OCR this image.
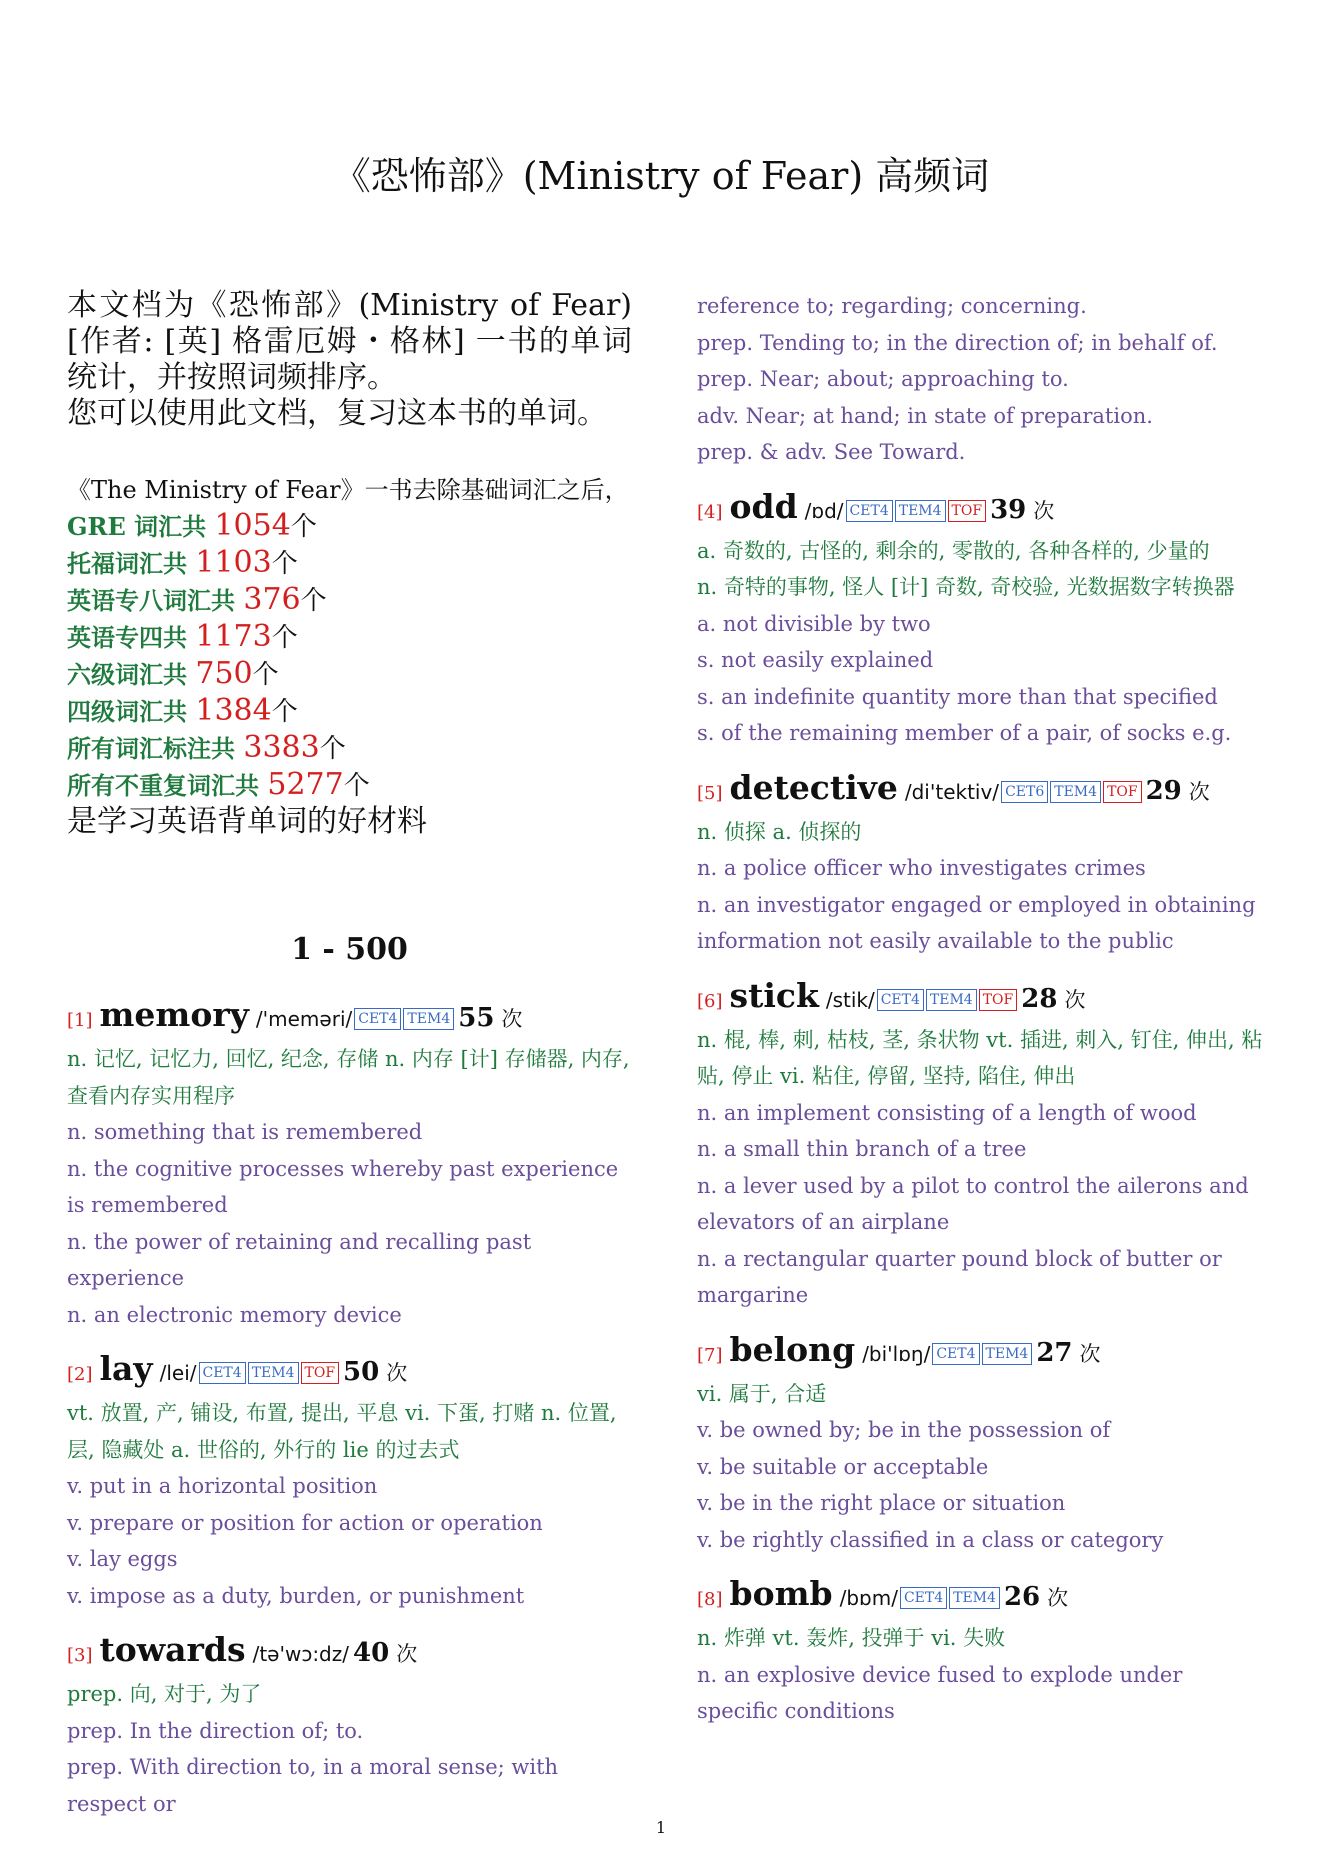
《恐怖部》(Ministry of Fear) 高频词

本文档为《恐怖部》(Ministry of Fear)[作者: [英] 格雷厄姆・格林] 一书的单词统计，并按照词频排序。

您可以使用此文档，复习这本书的单词。

《The Ministry of Fear》一书去除基础词汇之后，
GRE 词汇共 1054个
托福词汇共 1103个
英语专八词汇共 376个
英语专四共 1173个
六级词汇共 750个
四级词汇共 1384个
所有词汇标注共 3383个
所有不重复词汇共 5277个
是学习英语背单词的好材料
1 - 500
[1] memory /'meməri/ CET4 TEM4 55 次

n. 记忆, 记忆力, 回忆, 纪念, 存储 n. 内存 [计] 存储器, 内存, 查看内存实用程序

n. something that is remembered

n. the cognitive processes whereby past experience is remembered

n. the power of retaining and recalling past experience

n. an electronic memory device

[2] lay /lei/ CET4 TEM4 TOF 50 次

vt. 放置, 产, 铺设, 布置, 提出, 平息 vi. 下蛋, 打赌 n. 位置, 层, 隐藏处 a. 世俗的, 外行的 lie 的过去式

v. put in a horizontal position

v. prepare or position for action or operation

v. lay eggs

v. impose as a duty, burden, or punishment

[3] towards /tə'wɔ:dz/ 40 次

prep. 向, 对于, 为了

prep. In the direction of; to.

prep. With direction to, in a moral sense; with respect or

reference to; regarding; concerning.

prep. Tending to; in the direction of; in behalf of.

prep. Near; about; approaching to.

adv. Near; at hand; in state of preparation.

prep. & adv. See Toward.

[4] odd /ɒd/ CET4 TEM4 TOF 39 次

a. 奇数的, 古怪的, 剩余的, 零散的, 各种各样的, 少量的

n. 奇特的事物, 怪人 [计] 奇数, 奇校验, 光数据数字转换器

a. not divisible by two

s. not easily explained

s. an indefinite quantity more than that specified

s. of the remaining member of a pair, of socks e.g.

[5] detective /di'tektiv/ CET6 TEM4 TOF 29 次

n. 侦探 a. 侦探的

n. a police officer who investigates crimes

n. an investigator engaged or employed in obtaining information not easily available to the public

[6] stick /stik/ CET4 TEM4 TOF 28 次

n. 棍, 棒, 刺, 枯枝, 茎, 条状物 vt. 插进, 刺入, 钉住, 伸出, 粘贴, 停止 vi. 粘住, 停留, 坚持, 陷住, 伸出

n. an implement consisting of a length of wood

n. a small thin branch of a tree

n. a lever used by a pilot to control the ailerons and elevators of an airplane

n. a rectangular quarter pound block of butter or margarine

[7] belong /bi'lɒŋ/ CET4 TEM4 27 次

vi. 属于, 合适

v. be owned by; be in the possession of

v. be suitable or acceptable

v. be in the right place or situation

v. be rightly classified in a class or category

[8] bomb /bɒm/ CET4 TEM4 26 次

n. 炸弹 vt. 轰炸, 投弹于 vi. 失败

n. an explosive device fused to explode under specific conditions

1
